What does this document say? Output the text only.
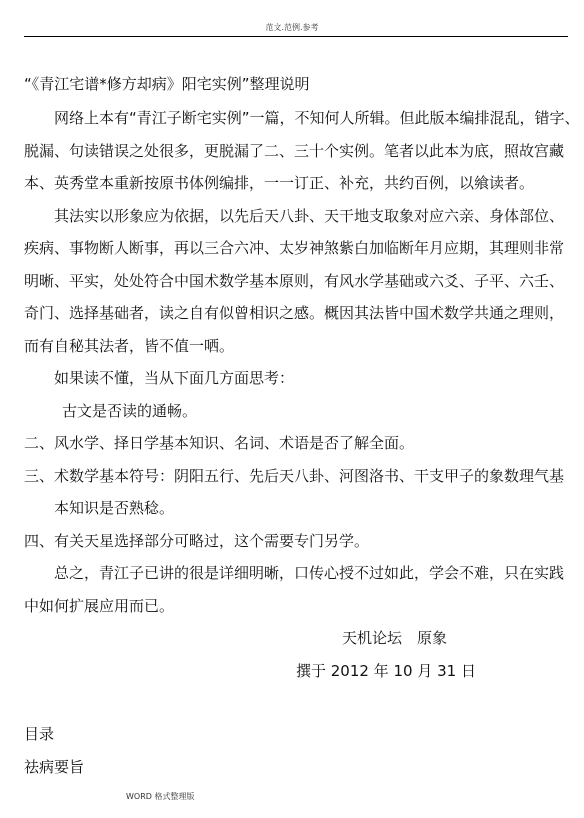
范文.范例.参考
“《青江宅谱*修方却病》阳宅实例”整理说明
网络上本有“青江子断宅实例”一篇，不知何人所辑。但此版本编排混乱，错字、
脱漏、句读错误之处很多，更脱漏了二、三十个实例。笔者以此本为底，照故宫藏
本、英秀堂本重新按原书体例编排，一一订正、补充，共约百例，以飨读者。
其法实以形象应为依据，以先后天八卦、天干地支取象对应六亲、身体部位、
疾病、事物断人断事，再以三合六冲、太岁神煞紫白加临断年月应期，其理则非常
明晰、平实，处处符合中国术数学基本原则，有风水学基础或六爻、子平、六壬、
奇门、选择基础者，读之自有似曾相识之感。概因其法皆中国术数学共通之理则，
而有自秘其法者，皆不值一哂。
如果读不懂，当从下面几方面思考：
古文是否读的通畅。
二、风水学、择日学基本知识、名词、术语是否了解全面。
三、术数学基本符号：阴阳五行、先后天八卦、河图洛书、干支甲子的象数理气基
本知识是否熟稔。
四、有关天星选择部分可略过，这个需要专门另学。
总之，青江子已讲的很是详细明晰，口传心授不过如此，学会不难，只在实践
中如何扩展应用而已。
天机论坛　原象
撰于 2012 年 10 月 31 日
目录
祛病要旨
WORD 格式整理版
